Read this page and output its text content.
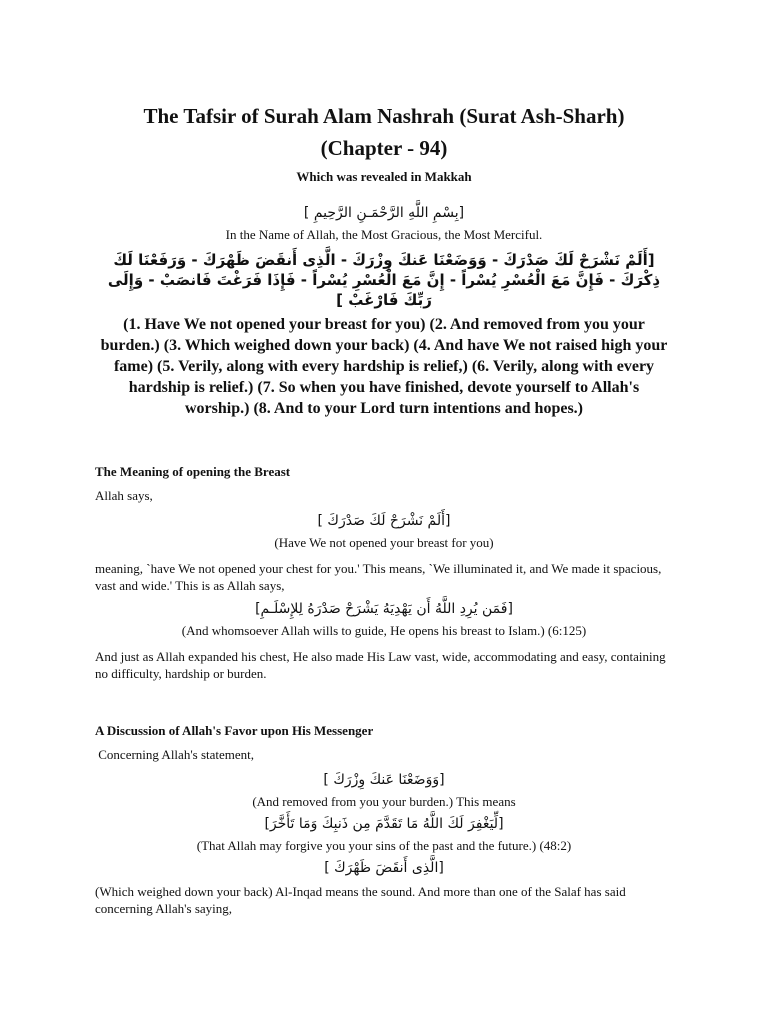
The Tafsir of Surah Alam Nashrah (Surat Ash-Sharh)
(Chapter - 94)
Which was revealed in Makkah
[بِسْمِ اللَّهِ الرَّحْمَـنِ الرَّحِيمِ ]
In the Name of Allah, the Most Gracious, the Most Merciful.
[أَلَمْ نَشْرَحْ لَكَ صَدْرَكَ - وَوَضَعْنَا عَنكَ وِزْرَكَ - الَّذِى أَنقَضَ ظَهْرَكَ - وَرَفَعْنَا لَكَ ذِكْرَكَ - فَإِنَّ مَعَ الْعُسْرِ يُسْراً - إِنَّ مَعَ الْعُسْرِ يُسْراً - فَإِذَا فَرَغْتَ فَانصَبْ - وَإِلَى رَبِّكَ فَارْغَبْ ]
(1. Have We not opened your breast for you) (2. And removed from you your burden.) (3. Which weighed down your back) (4. And have We not raised high your fame) (5. Verily, along with every hardship is relief,) (6. Verily, along with every hardship is relief.) (7. So when you have finished, devote yourself to Allah's worship.) (8. And to your Lord turn intentions and hopes.)
The Meaning of opening the Breast
Allah says,
[أَلَمْ نَشْرَحْ لَكَ صَدْرَكَ ]
(Have We not opened your breast for you)
meaning, `have We not opened your chest for you.' This means, `We illuminated it, and We made it spacious, vast and wide.' This is as Allah says,
[فَمَن يُرِدِ اللَّهُ أَن يَهْدِيَهُ يَشْرَحْ صَدْرَهُ لِلإِسْلَـمِ]
(And whomsoever Allah wills to guide, He opens his breast to Islam.) (6:125)
And just as Allah expanded his chest, He also made His Law vast, wide, accommodating and easy, containing no difficulty, hardship or burden.
A Discussion of Allah's Favor upon His Messenger
Concerning Allah's statement,
[وَوَضَعْنَا عَنكَ وِزْرَكَ ]
(And removed from you your burden.) This means
[لِّيَغْفِرَ لَكَ اللَّهُ مَا تَقَدَّمَ مِن ذَنبِكَ وَمَا تَأَخَّرَ]
(That Allah may forgive you your sins of the past and the future.) (48:2)
[الَّذِى أَنقَضَ ظَهْرَكَ ]
(Which weighed down your back) Al-Inqad means the sound. And more than one of the Salaf has said concerning Allah's saying,
